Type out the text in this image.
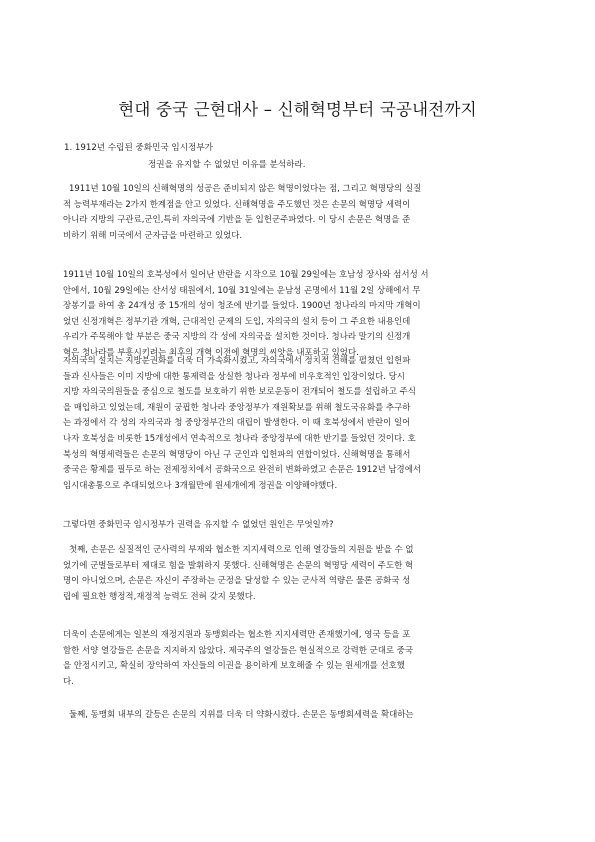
현대 중국 근현대사 – 신해혁명부터 국공내전까지
1. 1912년 수립된 중화민국 임시정부가
정권을 유지할 수 없었던 이유를 분석하라.
1911년 10월 10일의 신해혁명의 성공은 준비되지 않은 혁명이었다는 점, 그리고 혁명당의 실질
적 능력부재라는 2가지 한계점을 안고 있었다. 신해혁명을 주도했던 것은 손문의 혁명당 세력이
아니라 지방의 구관료,군인,특히 자의국에 기반을 둔 입헌군주파였다. 이 당시 손문은 혁명을 준
비하기 위해 미국에서 군자금을 마련하고 있었다.
1911년 10월 10일의 호북성에서 일어난 반란을 시작으로 10월 29일에는 호남성 장사와 섬서성 서
안에서, 10월 29일에는 산서성 태원에서, 10월 31일에는 운남성 곤명에서 11월 2일 상해에서 무
장봉기를 하여 총 24개성 중 15개의 성이 청조에 반기를 들었다. 1900년 청나라의 마지막 개혁이
었던 신정개혁은 정부기관 개혁, 근대적인 군제의 도입, 자의국의 설치 등이 그 주요한 내용인데
우리가 주목해야 할 부분은 중국 지방의 각 성에 자의국을 설치한 것이다. 청나라 말기의 신정개
혁은 청나라를 부흥시키려는 최후의 개혁 이전에 혁명의 씨앗을 내포하고 있었다.
자의국의 설치는 지방분권화를 더욱 더 가속화시켰고, 자의국에서 정치적 견해를 펼쳤던 입헌파
들과 신사들은 이미 지방에 대한 통제력을 상실한 청나라 정부에 비우호적인 입장이었다. 당시
지방 자의국의원들을 중심으로 철도를 보호하기 위한 보로운동이 전개되어 철도를 설립하고 주식
을 매입하고 있었는데, 재원이 궁핍한 청나라 중앙정부가 재원확보를 위해 철도국유화를 추구하
는 과정에서 각 성의 자의국과 청 중앙정부간의 대립이 발생한다. 이 때 호북성에서 반란이 일어
나자 호북성을 비롯한 15개성에서 연속적으로 청나라 중앙정부에 대한 반기를 들었던 것이다. 호
북성의 혁명세력들은 손문의 혁명당이 아닌 구 군인과 입헌파의 연합이었다. 신해혁명을 통해서
중국은 황제를 필두로 하는 전제정치에서 공화국으로 완전히 변화하였고 손문은 1912년 남경에서
임시대총통으로 추대되었으나 3개월만에 원세개에게 정권을 이양해야했다.
그렇다면 중화민국 임시정부가 권력을 유지할 수 없었던 원인은 무엇일까?
첫째, 손문은 실질적인 군사력의 부재와 협소한 지지세력으로 인해 열강들의 지원을 받을 수 없
었기에 군벌들로부터 제대로 힘을 발휘하지 못했다. 신해혁명은 손문의 혁명당 세력이 주도한 혁
명이 아니었으며, 손문은 자신이 주장하는 군정을 달성할 수 있는 군사적 역량은 물론 공화국 성
립에 필요한 행정적,재정적 능력도 전혀 갖지 못했다.
더욱이 손문에게는 일본의 재정지원과 동맹회라는 협소한 지지세력만 존재했기에, 영국 등을 포
함한 서양 열강들은 손문을 지지하지 않았다. 제국주의 열강들은 현실적으로 강력한 군대로 중국
을 안정시키고, 확실히 장악하여 자신들의 이권을 용이하게 보호해줄 수 있는 원세개를 선호했
다.
둘째, 동맹회 내부의 갈등은 손문의 지위를 더욱 더 약화시켰다. 손문은 동맹회세력을 확대하는
